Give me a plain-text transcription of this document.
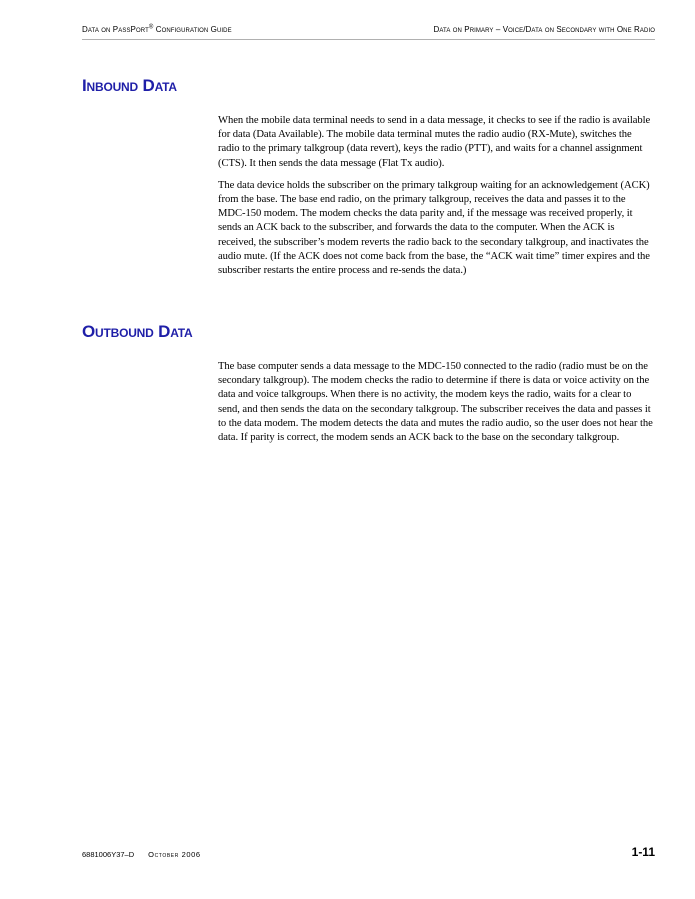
Data on PassPort® Configuration Guide	Data on Primary – Voice/Data on Secondary with One Radio
Inbound Data

When the mobile data terminal needs to send in a data message, it checks to see if the radio is available for data (Data Available). The mobile data terminal mutes the radio audio (RX-Mute), switches the radio to the primary talkgroup (data revert), keys the radio (PTT), and waits for a channel assignment (CTS). It then sends the data message (Flat Tx audio).

The data device holds the subscriber on the primary talkgroup waiting for an acknowledgement (ACK) from the base. The base end radio, on the primary talkgroup, receives the data and passes it to the MDC-150 modem. The modem checks the data parity and, if the message was received properly, it sends an ACK back to the subscriber, and forwards the data to the computer. When the ACK is received, the subscriber’s modem reverts the radio back to the secondary talkgroup, and inactivates the audio mute. (If the ACK does not come back from the base, the “ACK wait time” timer expires and the subscriber restarts the entire process and re-sends the data.)

Outbound Data

The base computer sends a data message to the MDC-150 connected to the radio (radio must be on the secondary talkgroup). The modem checks the radio to determine if there is data or voice activity on the data and voice talkgroups. When there is no activity, the modem keys the radio, waits for a clear to send, and then sends the data on the secondary talkgroup. The subscriber receives the data and passes it to the data modem. The modem detects the data and mutes the radio audio, so the user does not hear the data. If parity is correct, the modem sends an ACK back to the base on the secondary talkgroup.

6881006Y37–D October 2006	1-11
